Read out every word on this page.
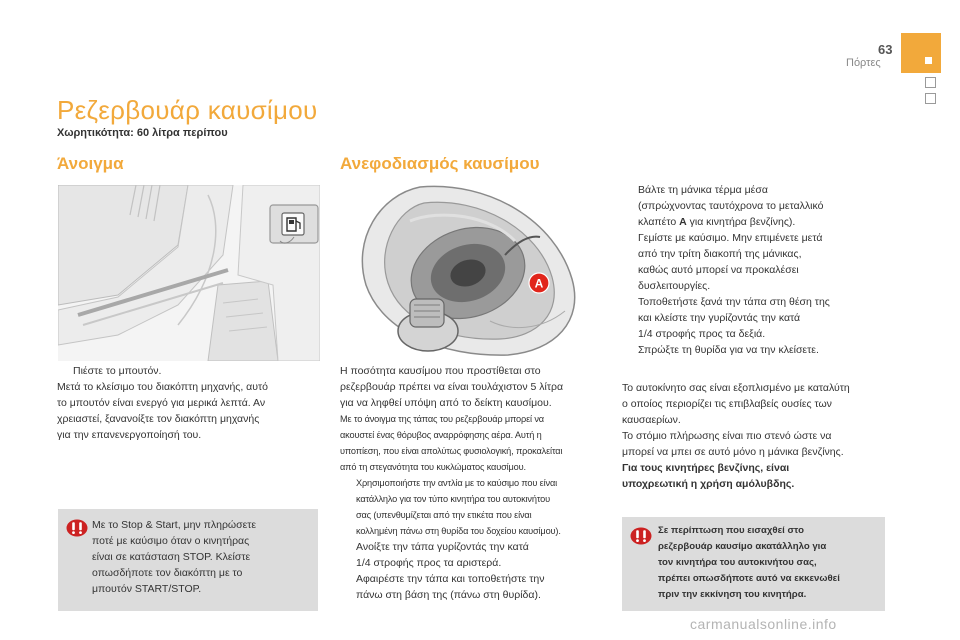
63
Πόρτες
Ρεζερβουάρ καυσίμου
Χωρητικότητα: 60 λίτρα περίπου
Άνοιγμα	Ανεφοδιασμός καυσίμου
A
Πιέστε το μπουτόν.
Μετά το κλείσιμο του διακόπτη μηχανής, αυτό
το μπουτόν είναι ενεργό για μερικά λεπτά. Αν
χρειαστεί, ξανανοίξτε τον διακόπτη μηχανής
για την επανενεργοποίησή του.
Με το Stop & Start, μην πληρώσετε
ποτέ με καύσιμο όταν ο κινητήρας
είναι σε κατάσταση STOP. Κλείστε
οπωσδήποτε τον διακόπτη με το
μπουτόν START/STOP.
Η ποσότητα καυσίμου που προστίθεται στο
ρεζερβουάρ πρέπει να είναι τουλάχιστον 5 λίτρα
για να ληφθεί υπόψη από το δείκτη καυσίμου.
Με το άνοιγμα της τάπας του ρεζερβουάρ μπορεί να
ακουστεί ένας θόρυβος αναρρόφησης αέρα. Αυτή η
υποπίεση, που είναι απολύτως φυσιολογική, προκαλείται
από τη στεγανότητα του κυκλώματος καυσίμου.
Χρησιμοποιήστε την αντλία με το καύσιμο που είναι
κατάλληλο για τον τύπο κινητήρα του αυτοκινήτου
σας (υπενθυμίζεται από την ετικέτα που είναι
κολλημένη πάνω στη θυρίδα του δοχείου καυσίμου).
Ανοίξτε την τάπα γυρίζοντάς την κατά
1/4 στροφής προς τα αριστερά.
Αφαιρέστε την τάπα και τοποθετήστε την
πάνω στη βάση της (πάνω στη θυρίδα).
Βάλτε τη μάνικα τέρμα μέσα
(σπρώχνοντας ταυτόχρονα το μεταλλικό
κλαπέτο A για κινητήρα βενζίνης).
Γεμίστε με καύσιμο. Μην επιμένετε μετά
από την τρίτη διακοπή της μάνικας,
καθώς αυτό μπορεί να προκαλέσει
δυσλειτουργίες.
Τοποθετήστε ξανά την τάπα στη θέση της
και κλείστε την γυρίζοντάς την κατά
1/4 στροφής προς τα δεξιά.
Σπρώξτε τη θυρίδα για να την κλείσετε.
Το αυτοκίνητο σας είναι εξοπλισμένο με καταλύτη
ο οποίος περιορίζει τις επιβλαβείς ουσίες των
καυσαερίων.
Το στόμιο πλήρωσης είναι πιο στενό ώστε να
μπορεί να μπει σε αυτό μόνο η μάνικα βενζίνης.
Για τους κινητήρες βενζίνης, είναι
υποχρεωτική η χρήση αμόλυβδης.
Σε περίπτωση που εισαχθεί στο
ρεζερβουάρ καυσίμο ακατάλληλο για
τον κινητήρα του αυτοκινήτου σας,
πρέπει οπωσδήποτε αυτό να εκκενωθεί
πριν την εκκίνηση του κινητήρα.
carmanualsonline.info
